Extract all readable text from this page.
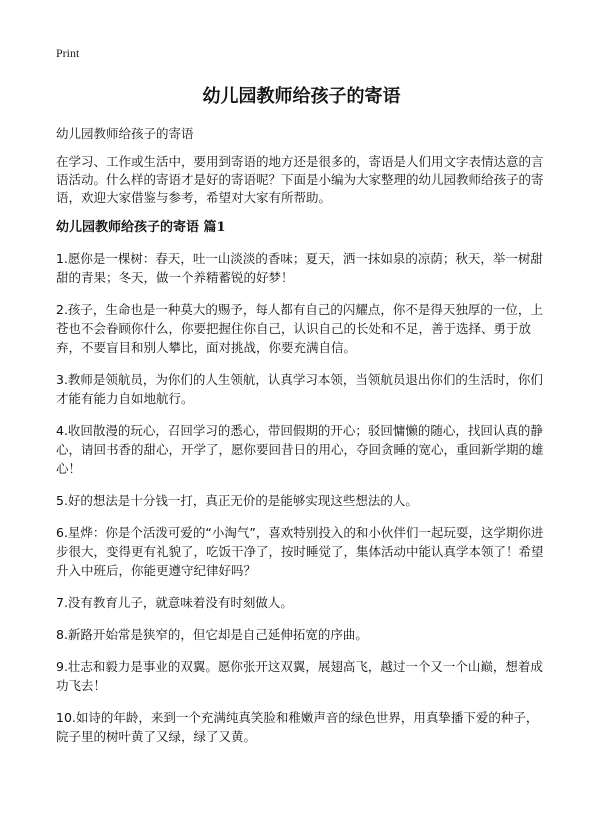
Print
幼儿园教师给孩子的寄语

幼儿园教师给孩子的寄语

在学习、工作或生活中，要用到寄语的地方还是很多的，寄语是人们用文字表情达意的言语活动。什么样的寄语才是好的寄语呢？下面是小编为大家整理的幼儿园教师给孩子的寄语，欢迎大家借鉴与参考，希望对大家有所帮助。

幼儿园教师给孩子的寄语 篇1
1.愿你是一棵树：春天，吐一山淡淡的香味；夏天，洒一抹如泉的凉荫；秋天，举一树甜甜的青果；冬天，做一个养精蓄锐的好梦！
2.孩子，生命也是一种莫大的赐予，每人都有自己的闪耀点，你不是得天独厚的一位，上苍也不会眷顾你什么，你要把握住你自己，认识自己的长处和不足，善于选择、勇于放弃，不要盲目和别人攀比，面对挑战，你要充满自信。
3.教师是领航员，为你们的人生领航，认真学习本领，当领航员退出你们的生活时，你们才能有能力自如地航行。
4.收回散漫的玩心，召回学习的悉心，带回假期的开心；驳回慵懒的随心，找回认真的静心，请回书香的甜心，开学了，愿你要回昔日的用心，夺回贪睡的宽心，重回新学期的雄心！
5.好的想法是十分钱一打，真正无价的是能够实现这些想法的人。
6.星烨：你是个活泼可爱的“小淘气”，喜欢特别投入的和小伙伴们一起玩耍，这学期你进步很大，变得更有礼貌了，吃饭干净了，按时睡觉了，集体活动中能认真学本领了！希望升入中班后，你能更遵守纪律好吗？
7.没有教育儿子，就意味着没有时刻做人。
8.新路开始常是狭窄的，但它却是自己延伸拓宽的序曲。
9.壮志和毅力是事业的双翼。愿你张开这双翼，展翅高飞，越过一个又一个山巅，想着成功飞去！
10.如诗的年龄，来到一个充满纯真笑脸和稚嫩声音的绿色世界，用真挚播下爱的种子，院子里的树叶黄了又绿，绿了又黄。
